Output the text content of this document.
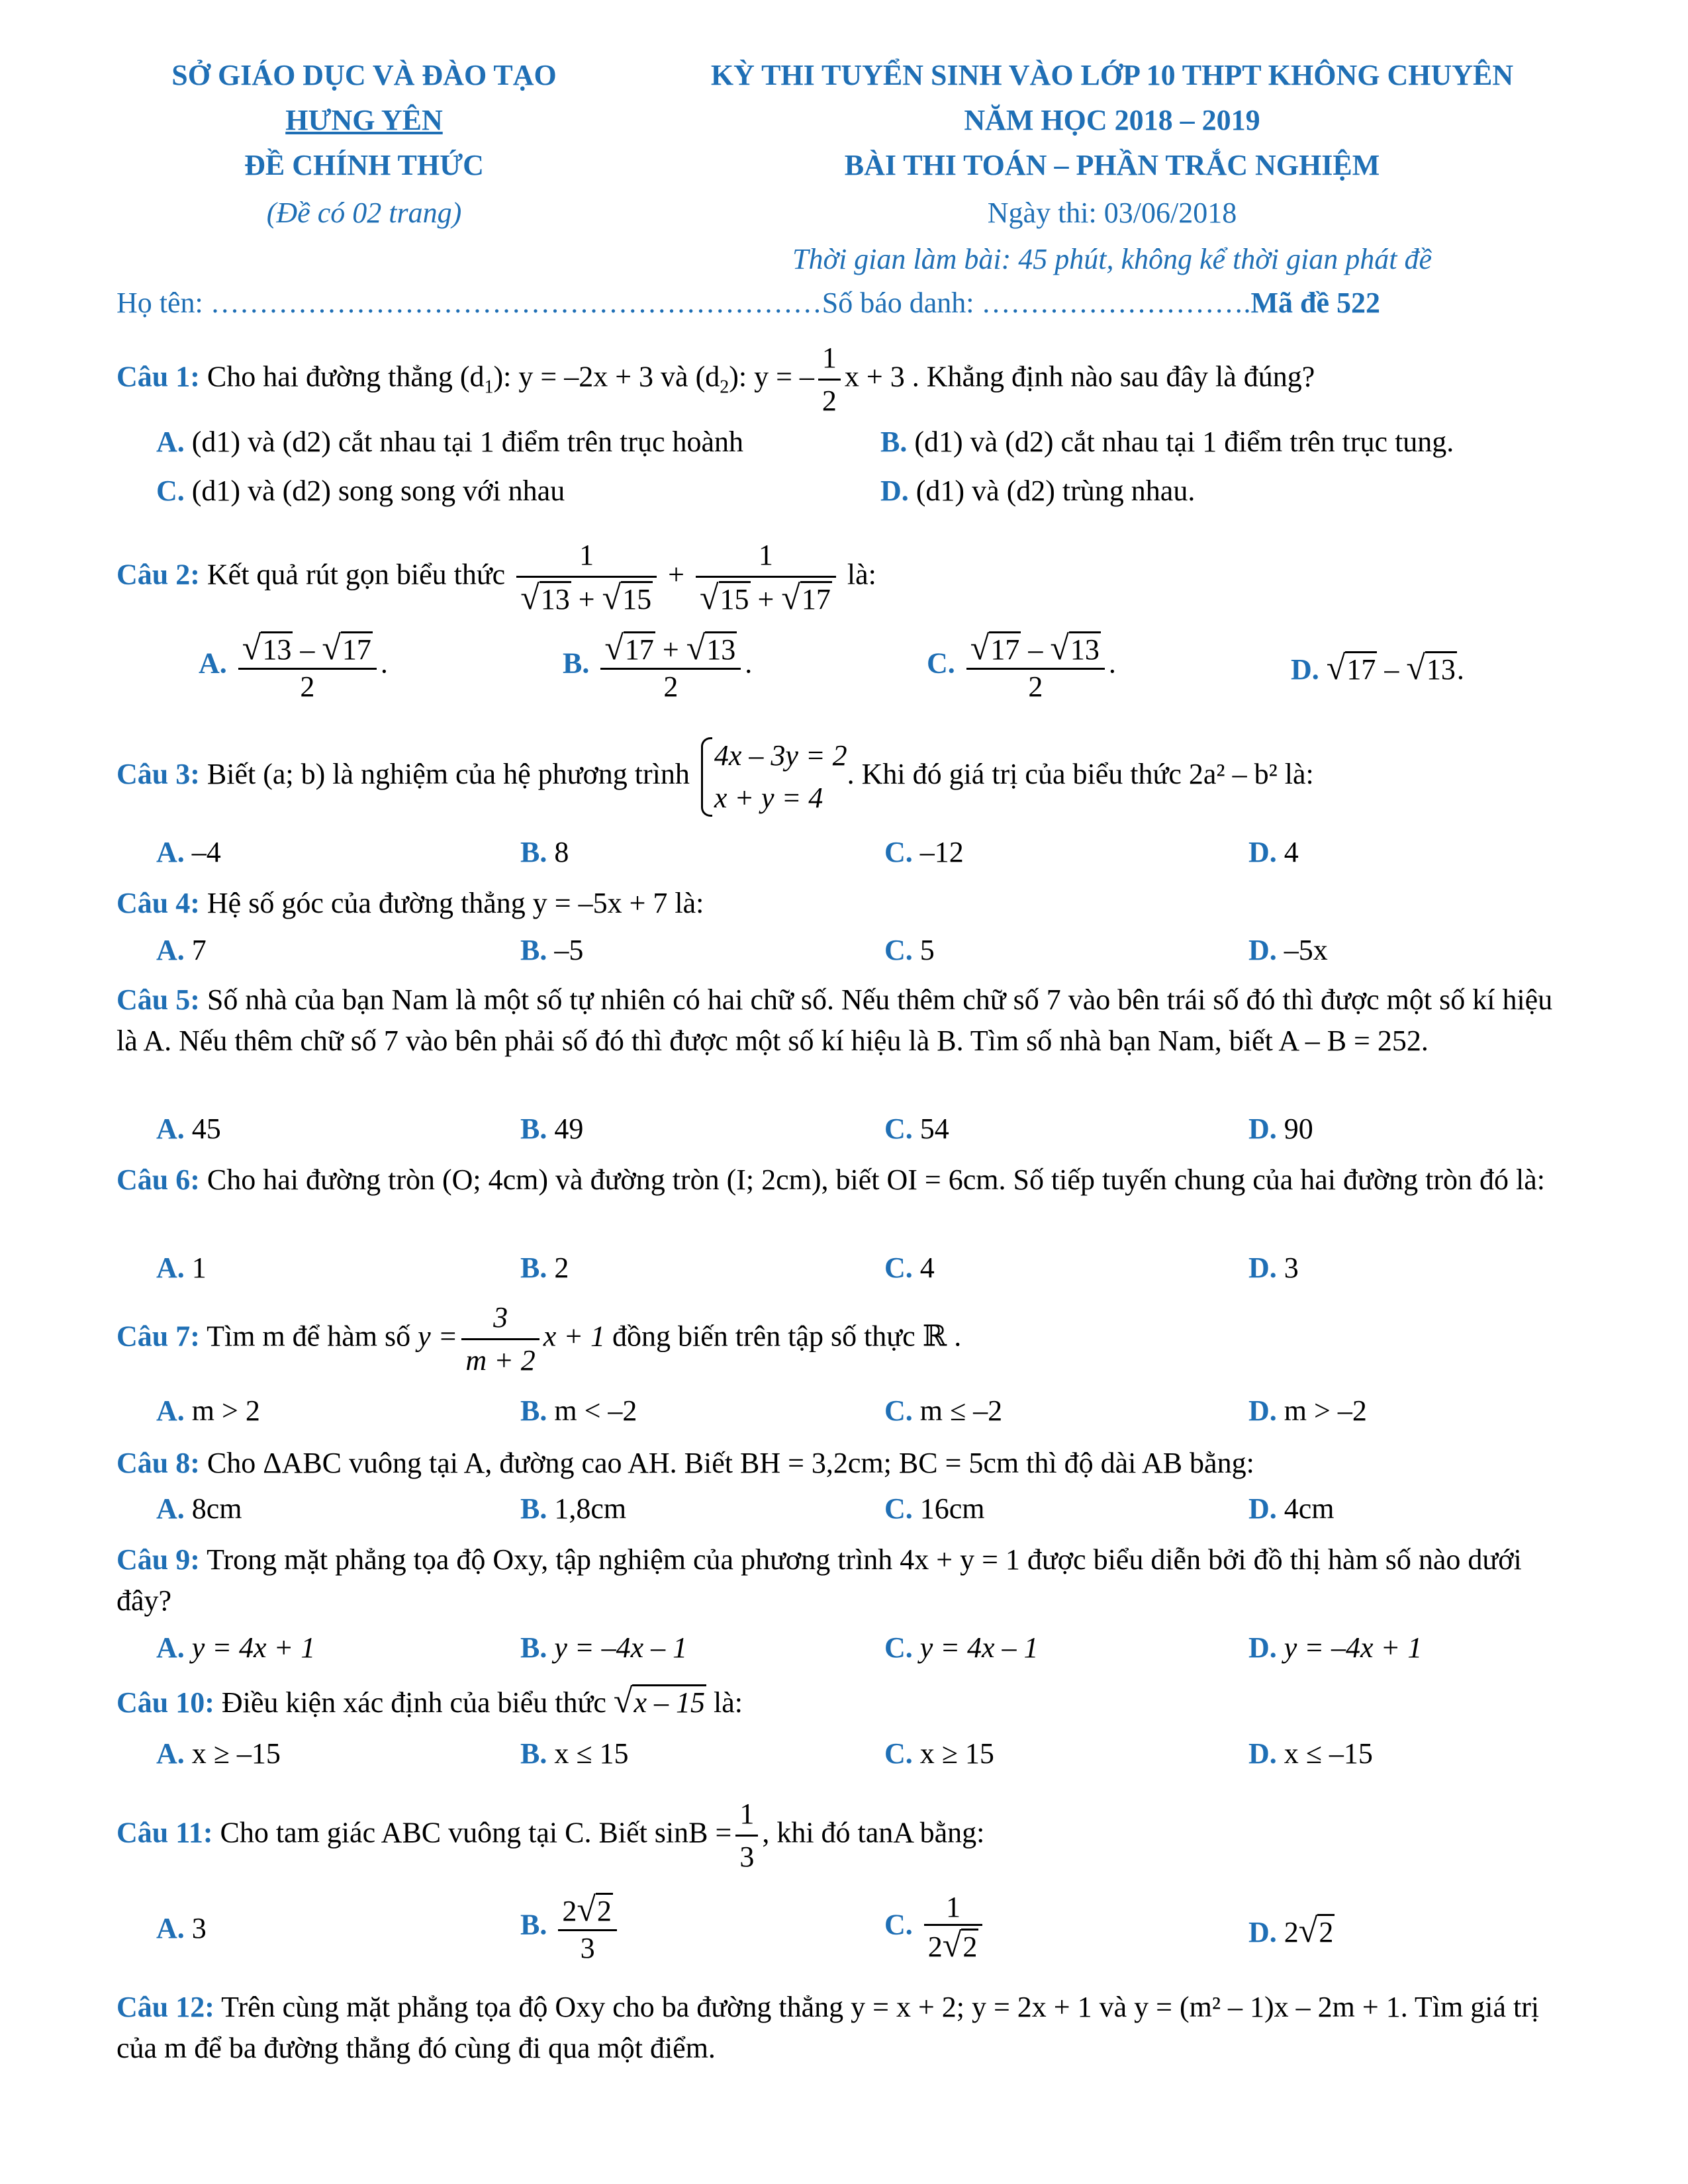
SỞ GIÁO DỤC VÀ ĐÀO TẠO
HƯNG YÊN
ĐỀ CHÍNH THỨC
(Đề có 02 trang)
KỲ THI TUYỂN SINH VÀO LỚP 10 THPT KHÔNG CHUYÊN
NĂM HỌC 2018 – 2019
BÀI THI TOÁN – PHẦN TRẮC NGHIỆM
Ngày thi: 03/06/2018
Thời gian làm bài: 45 phút, không kể thời gian phát đề
Họ tên: ………………………………………………………Số báo danh: ……………………….Mã đề 522
Câu 1: Cho hai đường thẳng $(d_1)$: y = –2x + 3 và $(d_2)$: y = – $\frac{1}{2}$ x + 3 . Khẳng định nào sau đây là đúng?
A. (d1) và (d2) cắt nhau tại 1 điểm trên trục hoành	B. (d1) và (d2) cắt nhau tại 1 điểm trên trục tung.
C. (d1) và (d2) song song với nhau	D. (d1) và (d2) trùng nhau.
Câu 2: Kết quả rút gọn biểu thức $\frac{1}{√13 + √15} + \frac{1}{√15 + √17}$ là:
A. $\frac{√13 - √17}{2}$ .	B. $\frac{√17 + √13}{2}$ .	C. $\frac{√17 - √13}{2}$ .	D. √17 – √13.
Câu 3: Biết (a; b) là nghiệm của hệ phương trình
4x – 3y = 2
x + y = 4
. Khi đó giá trị của biểu thức 2a² – b² là:
A. –4	B. 8	C. –12	D. 4
Câu 4: Hệ số góc của đường thẳng y = –5x + 7 là:
A. 7	B. –5	C. 5	D. –5x
Câu 5: Số nhà của bạn Nam là một số tự nhiên có hai chữ số. Nếu thêm chữ số 7 vào bên trái số đó thì được một số kí hiệu là A. Nếu thêm chữ số 7 vào bên phải số đó thì được một số kí hiệu là B. Tìm số nhà bạn Nam, biết A – B = 252.
A. 45	B. 49	C. 54	D. 90
Câu 6: Cho hai đường tròn (O; 4cm) và đường tròn (I; 2cm), biết OI = 6cm. Số tiếp tuyến chung của hai đường tròn đó là:
A. 1	B. 2	C. 4	D. 3
Câu 7: Tìm m để hàm số $y = \frac{3}{m + 2}$ x + 1 đồng biến trên tập số thực ℝ .
A. m > 2	B. m < –2	C. m ≤ –2	D. m > –2
Câu 8: Cho ΔABC vuông tại A, đường cao AH. Biết BH = 3,2cm; BC = 5cm thì độ dài AB bằng:
A. 8cm	B. 1,8cm	C. 16cm	D. 4cm
Câu 9: Trong mặt phẳng tọa độ Oxy, tập nghiệm của phương trình 4x + y = 1 được biểu diễn bởi đồ thị hàm số nào dưới đây?
A. y = 4x + 1	B. y = –4x – 1	C. y = 4x – 1	D. y = –4x + 1
Câu 10: Điều kiện xác định của biểu thức √x – 15 là:
A. x ≥ –15	B. x ≤ 15	C. x ≥ 15	D. x ≤ –15
Câu 11: Cho tam giác ABC vuông tại C. Biết $\sin B = \frac{1}{3}$ , khi đó tanA bằng:
A. 3	B. $\frac{2√2}{3}$	C. $\frac{1}{2√2}$	D. 2√2
Câu 12: Trên cùng mặt phẳng tọa độ Oxy cho ba đường thẳng y = x + 2; y = 2x + 1 và y = (m² – 1)x – 2m + 1. Tìm giá trị của m để ba đường thẳng đó cùng đi qua một điểm.
